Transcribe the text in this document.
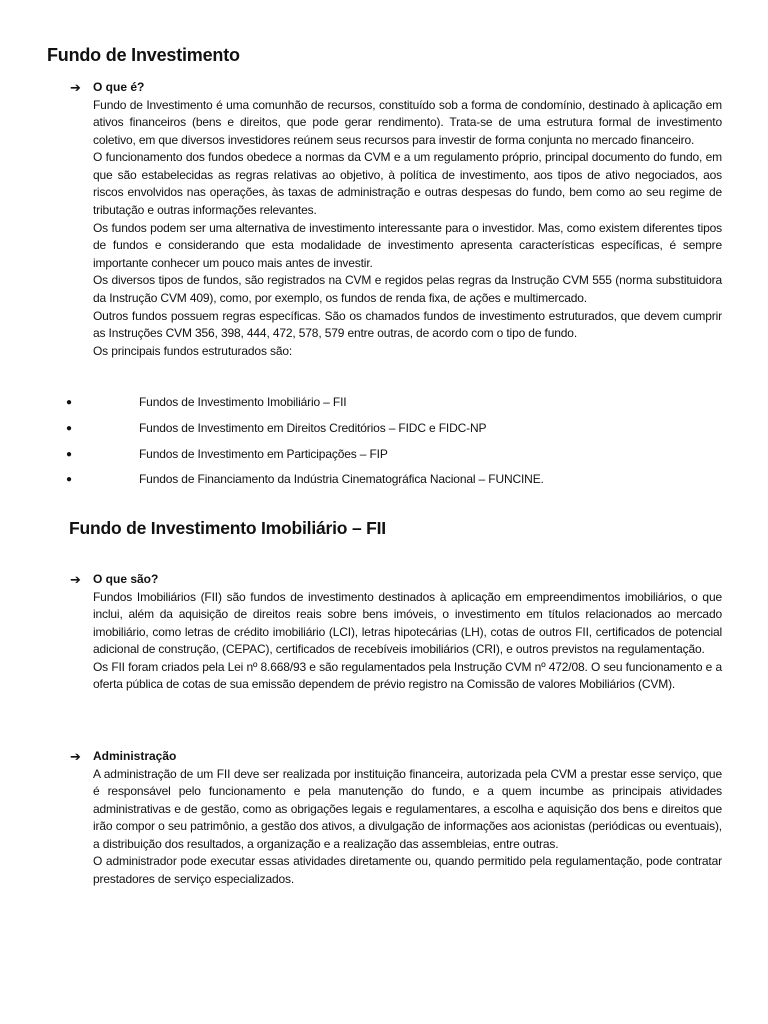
Fundo de Investimento
➔ O que é?

Fundo de Investimento é uma comunhão de recursos, constituído sob a forma de condomínio, destinado à aplicação em ativos financeiros (bens e direitos, que pode gerar rendimento). Trata-se de uma estrutura formal de investimento coletivo, em que diversos investidores reúnem seus recursos para investir de forma conjunta no mercado financeiro.

O funcionamento dos fundos obedece a normas da CVM e a um regulamento próprio, principal documento do fundo, em que são estabelecidas as regras relativas ao objetivo, à política de investimento, aos tipos de ativo negociados, aos riscos envolvidos nas operações, às taxas de administração e outras despesas do fundo, bem como ao seu regime de tributação e outras informações relevantes.

Os fundos podem ser uma alternativa de investimento interessante para o investidor. Mas, como existem diferentes tipos de fundos e considerando que esta modalidade de investimento apresenta características específicas, é sempre importante conhecer um pouco mais antes de investir.

Os diversos tipos de fundos, são registrados na CVM e regidos pelas regras da Instrução CVM 555 (norma substituidora da Instrução CVM 409), como, por exemplo, os fundos de renda fixa, de ações e multimercado.

Outros fundos possuem regras específicas. São os chamados fundos de investimento estruturados, que devem cumprir as Instruções CVM 356, 398, 444, 472, 578, 579 entre outras, de acordo com o tipo de fundo.

Os principais fundos estruturados são:

●	Fundos de Investimento Imobiliário – FII
●	Fundos de Investimento em Direitos Creditórios – FIDC e FIDC-NP
●	Fundos de Investimento em Participações – FIP
●	Fundos de Financiamento da Indústria Cinematográfica Nacional – FUNCINE.
Fundo de Investimento Imobiliário – FII
➔ O que são?

Fundos Imobiliários (FII) são fundos de investimento destinados à aplicação em empreendimentos imobiliários, o que inclui, além da aquisição de direitos reais sobre bens imóveis, o investimento em títulos relacionados ao mercado imobiliário, como letras de crédito imobiliário (LCI), letras hipotecárias (LH), cotas de outros FII, certificados de potencial adicional de construção, (CEPAC), certificados de recebíveis imobiliários (CRI), e outros previstos na regulamentação.

Os FII foram criados pela Lei nº 8.668/93 e são regulamentados pela Instrução CVM nº 472/08. O seu funcionamento e a oferta pública de cotas de sua emissão dependem de prévio registro na Comissão de valores Mobiliários (CVM).

➔ Administração

A administração de um FII deve ser realizada por instituição financeira, autorizada pela CVM a prestar esse serviço, que é responsável pelo funcionamento e pela manutenção do fundo, e a quem incumbe as principais atividades administrativas e de gestão, como as obrigações legais e regulamentares, a escolha e aquisição dos bens e direitos que irão compor o seu patrimônio, a gestão dos ativos, a divulgação de informações aos acionistas (periódicas ou eventuais), a distribuição dos resultados, a organização e a realização das assembleias, entre outras.

O administrador pode executar essas atividades diretamente ou, quando permitido pela regulamentação, pode contratar prestadores de serviço especializados.
